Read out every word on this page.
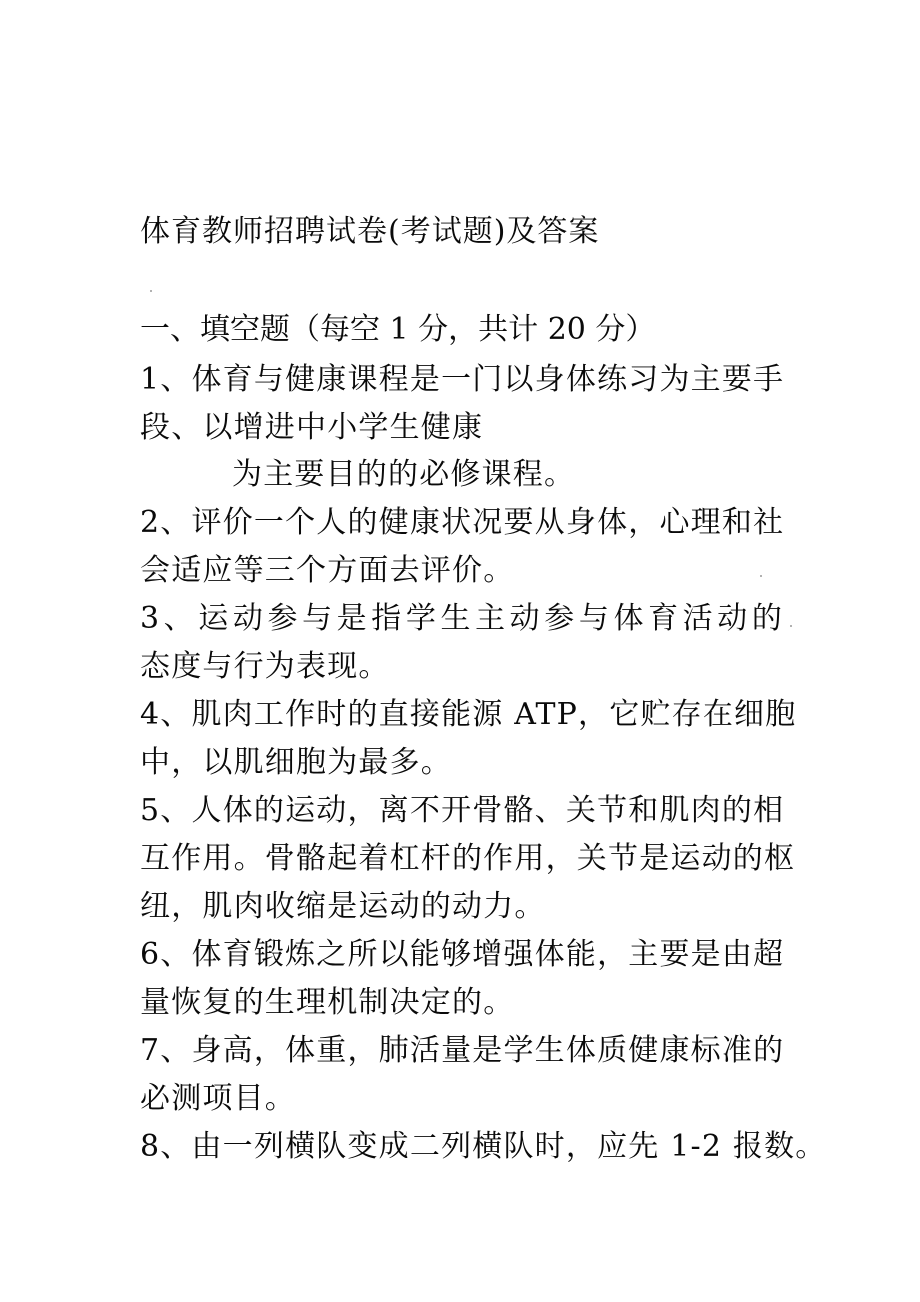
体育教师招聘试卷(考试题)及答案
一、填空题（每空 1 分，共计 20 分）
1、体育与健康课程是一门以身体练习为主要手
段、以增进中小学生健康
为主要目的的必修课程。
2、评价一个人的健康状况要从身体，心理和社
会适应等三个方面去评价。
3、运动参与是指学生主动参与体育活动的
态度与行为表现。
4、肌肉工作时的直接能源 ATP，它贮存在细胞
中，以肌细胞为最多。
5、人体的运动，离不开骨骼、关节和肌肉的相
互作用。骨骼起着杠杆的作用，关节是运动的枢
纽，肌肉收缩是运动的动力。
6、体育锻炼之所以能够增强体能，主要是由超
量恢复的生理机制决定的。
7、身高，体重，肺活量是学生体质健康标准的
必测项目。
8、由一列横队变成二列横队时，应先 1-2 报数。
